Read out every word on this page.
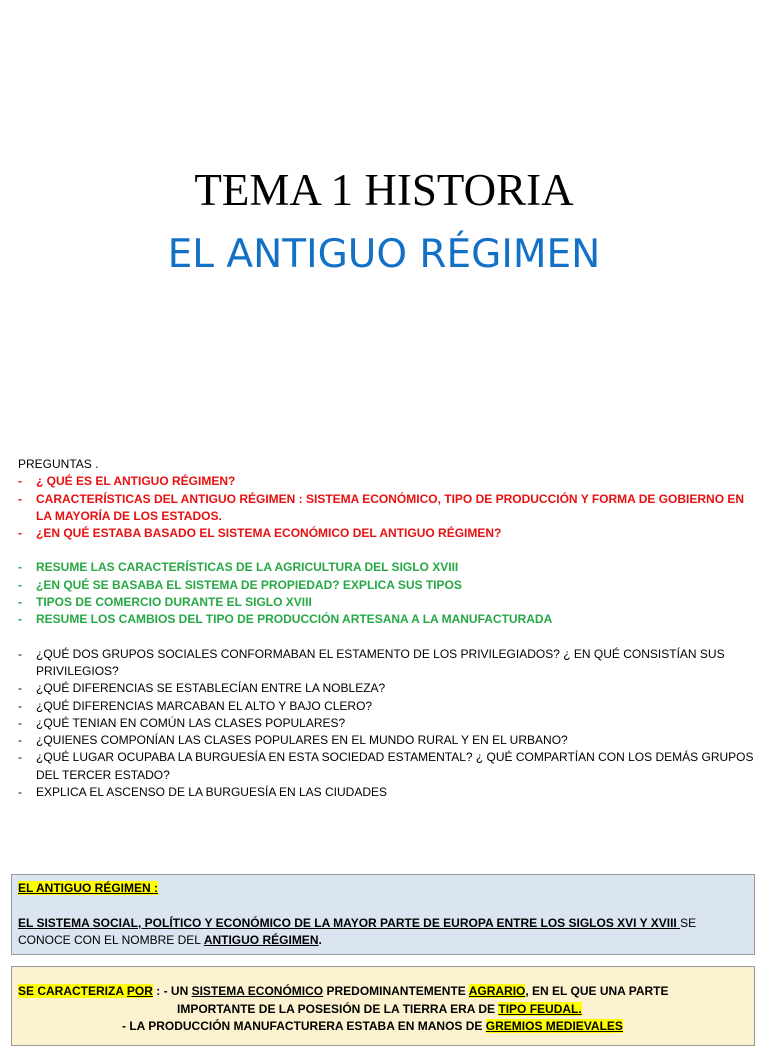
TEMA 1 HISTORIA
EL ANTIGUO RÉGIMEN
PREGUNTAS .
-	¿ QUÉ ES EL ANTIGUO RÉGIMEN?
-	CARACTERÍSTICAS DEL ANTIGUO RÉGIMEN : SISTEMA ECONÓMICO, TIPO DE PRODUCCIÓN Y FORMA DE GOBIERNO EN LA MAYORÍA DE LOS ESTADOS.
-	¿EN QUÉ ESTABA BASADO EL SISTEMA ECONÓMICO DEL ANTIGUO RÉGIMEN?
-	RESUME LAS CARACTERÍSTICAS DE LA AGRICULTURA DEL SIGLO XVIII
-	¿EN QUÉ SE BASABA EL SISTEMA DE PROPIEDAD? EXPLICA SUS TIPOS
-	TIPOS DE COMERCIO DURANTE EL SIGLO XVIII
-	RESUME LOS CAMBIOS DEL TIPO DE PRODUCCIÓN ARTESANA A LA MANUFACTURADA
-	¿QUÉ DOS GRUPOS SOCIALES CONFORMABAN EL ESTAMENTO DE LOS PRIVILEGIADOS? ¿ EN QUÉ CONSISTÍAN SUS PRIVILEGIOS?
-	¿QUÉ DIFERENCIAS SE ESTABLECÍAN ENTRE LA NOBLEZA?
-	¿QUÉ DIFERENCIAS MARCABAN EL ALTO Y BAJO CLERO?
-	¿QUÉ TENIAN EN COMÚN LAS CLASES POPULARES?
-	¿QUIENES COMPONÍAN LAS CLASES POPULARES EN EL MUNDO RURAL Y EN EL URBANO?
-	¿QUÉ LUGAR OCUPABA LA BURGUESÍA EN ESTA SOCIEDAD ESTAMENTAL? ¿ QUÉ COMPARTÍAN CON LOS DEMÁS GRUPOS DEL TERCER ESTADO?
-	EXPLICA EL ASCENSO DE LA BURGUESÍA EN LAS CIUDADES
EL ANTIGUO RÉGIMEN :
EL SISTEMA SOCIAL, POLÍTICO Y ECONÓMICO DE LA MAYOR PARTE DE EUROPA ENTRE LOS SIGLOS XVI Y XVIII SE CONOCE CON EL NOMBRE DEL ANTIGUO RÉGIMEN.
SE CARACTERIZA POR : - UN SISTEMA ECONÓMICO PREDOMINANTEMENTE AGRARIO, EN EL QUE UNA PARTE
IMPORTANTE DE LA POSESIÓN DE LA TIERRA ERA DE TIPO FEUDAL.
- LA PRODUCCIÓN MANUFACTURERA ESTABA EN MANOS DE GREMIOS MEDIEVALES
